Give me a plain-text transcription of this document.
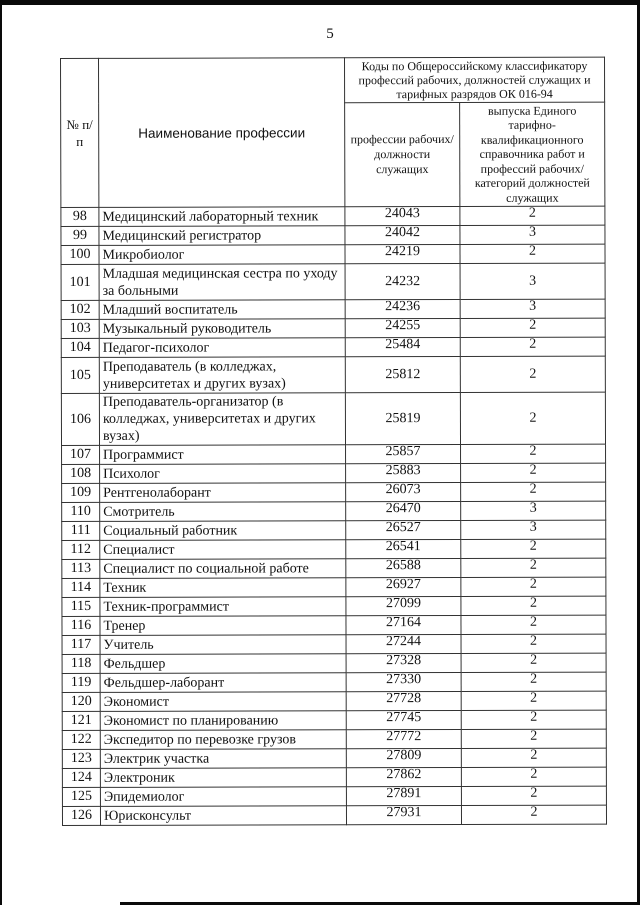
5
№ п/п	Наименование профессии	Коды по Общероссийскому классификатору профессий рабочих, должностей служащих и тарифных разрядов ОК 016-94	
		профессии рабочих/ должности служащих	выпуска Единого тарифно-квалификационного справочника работ и профессий рабочих/категорий должностей служащих
98	Медицинский лабораторный техник	24043	2
99	Медицинский регистратор	24042	3
100	Микробиолог	24219	2
101	Младшая медицинская сестра по уходу за больными	24232	3
102	Младший воспитатель	24236	3
103	Музыкальный руководитель	24255	2
104	Педагог-психолог	25484	2
105	Преподаватель (в колледжах, университетах и других вузах)	25812	2
106	Преподаватель-организатор (в колледжах, университетах и других вузах)	25819	2
107	Программист	25857	2
108	Психолог	25883	2
109	Рентгенолаборант	26073	2
110	Смотритель	26470	3
111	Социальный работник	26527	3
112	Специалист	26541	2
113	Специалист по социальной работе	26588	2
114	Техник	26927	2
115	Техник-программист	27099	2
116	Тренер	27164	2
117	Учитель	27244	2
118	Фельдшер	27328	2
119	Фельдшер-лаборант	27330	2
120	Экономист	27728	2
121	Экономист по планированию	27745	2
122	Экспедитор по перевозке грузов	27772	2
123	Электрик участка	27809	2
124	Электроник	27862	2
125	Эпидемиолог	27891	2
126	Юрисконсульт	27931	2
